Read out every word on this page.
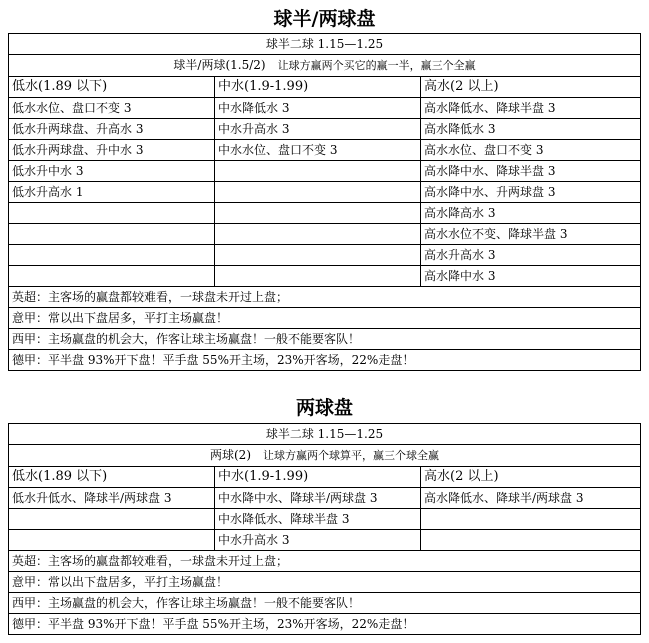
球半/两球盘
球半二球 1.15—1.25		
球半/两球(1.5/2) 让球方赢两个买它的赢一半，赢三个全赢		
低水(1.89 以下)	中水(1.9-1.99)	高水(2 以上)
低水水位、盘口不变 3	中水降低水 3	高水降低水、降球半盘 3
低水升两球盘、升高水 3	中水升高水 3	高水降低水 3
低水升两球盘、升中水 3	中水水位、盘口不变 3	高水水位、盘口不变 3
低水升中水 3		高水降中水、降球半盘 3
低水升高水 1		高水降中水、升两球盘 3
		高水降高水 3
		高水水位不变、降球半盘 3
		高水升高水 3
		高水降中水 3
英超：主客场的赢盘都较难看，一球盘未开过上盘；		
意甲：常以出下盘居多，平打主场赢盘！		
西甲：主场赢盘的机会大，作客让球主场赢盘！一般不能要客队！		
德甲：平半盘 93%开下盘！平手盘 55%开主场，23%开客场，22%走盘！		
两球盘
球半二球 1.15—1.25		
两球(2) 让球方赢两个球算平，赢三个球全赢		
低水(1.89 以下)	中水(1.9-1.99)	高水(2 以上)
低水升低水、降球半/两球盘 3	中水降中水、降球半/两球盘 3	高水降低水、降球半/两球盘 3
	中水降低水、降球半盘 3	
	中水升高水 3	
英超：主客场的赢盘都较难看，一球盘未开过上盘；		
意甲：常以出下盘居多，平打主场赢盘！		
西甲：主场赢盘的机会大，作客让球主场赢盘！一般不能要客队！		
德甲：平半盘 93%开下盘！平手盘 55%开主场，23%开客场，22%走盘！		
